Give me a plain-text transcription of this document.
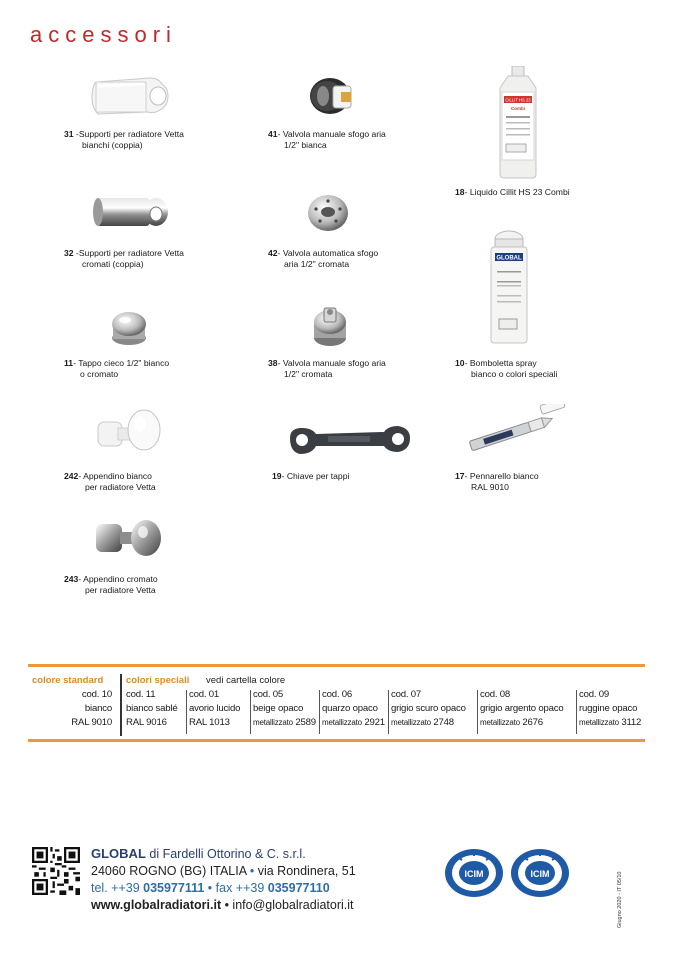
accessori
CILLIT HS 23
Combi
GLOBAL
31 -Supporti per radiatore Vetta
bianchi (coppia)
41- Valvola manuale sfogo aria
1/2" bianca
18- Liquido Cillit HS 23 Combi
32 -Supporti per radiatore Vetta
cromati (coppia)
42- Valvola automatica sfogo
aria 1/2" cromata
11- Tappo cieco 1/2" bianco
o cromato
38- Valvola manuale sfogo aria
1/2" cromata
10- Bomboletta spray
bianco o colori speciali
242- Appendino bianco
per radiatore Vetta
19- Chiave per tappi	17- Pennarello bianco
RAL 9010
243- Appendino cromato
per radiatore Vetta
colore standard colori speciali vedi cartella colore
cod. 10
bianco
RAL 9010
cod. 11
bianco sablé
RAL 9016
cod. 01
avorio lucido
RAL 1013
cod. 05
beige opaco
metallizzato 2589
cod. 06
quarzo opaco
metallizzato 2921
cod. 07
grigio scuro opaco
metallizzato 2748
cod. 08
grigio argento opaco
metallizzato 2676
cod. 09
ruggine opaco
metallizzato 3112
GLOBAL di Fardelli Ottorino & C. s.r.l.
24060 ROGNO (BG) ITALIA • via Rondinera, 51
tel. ++39 035977111 • fax ++39 035977110
www.globalradiatori.it • info@globalradiatori.it
ICIM	ICIM	Giugno 2020 - IT 05/10
